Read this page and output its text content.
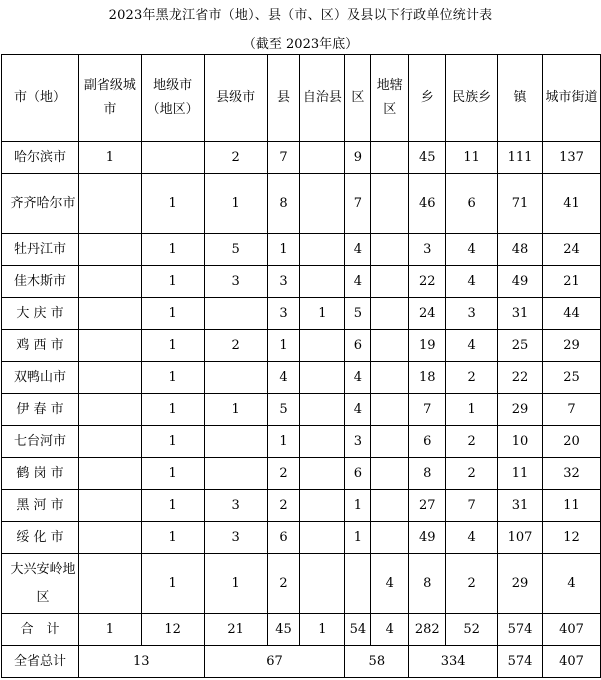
2023年黑龙江省市（地）、县（市、区）及县以下行政单位统计表
（截至 2023年底）
市（地）	副省级城市	地级市（地区）	县级市	县	自治县	区	地辖区	乡	民族乡	镇	城市街道
哈尔滨市	1		2	7		9		45	11	111	137
齐齐哈尔市		1	1	8		7		46	6	71	41
牡丹江市		1	5	1		4		3	4	48	24
佳木斯市		1	3	3		4		22	4	49	21
大 庆 市		1		3	1	5		24	3	31	44
鸡 西 市		1	2	1		6		19	4	25	29
双鸭山市		1		4		4		18	2	22	25
伊 春 市		1	1	5		4		7	1	29	7
七台河市		1		1		3		6	2	10	20
鹤 岗 市		1		2		6		8	2	11	32
黑 河 市		1	3	2		1		27	7	31	11
绥 化 市		1	3	6		1		49	4	107	12
大兴安岭地区		1	1	2			4	8	2	29	4
合　计	1	12	21	45	1	54	4	282	52	574	407
全省总计	13		67			58		334		574	407
